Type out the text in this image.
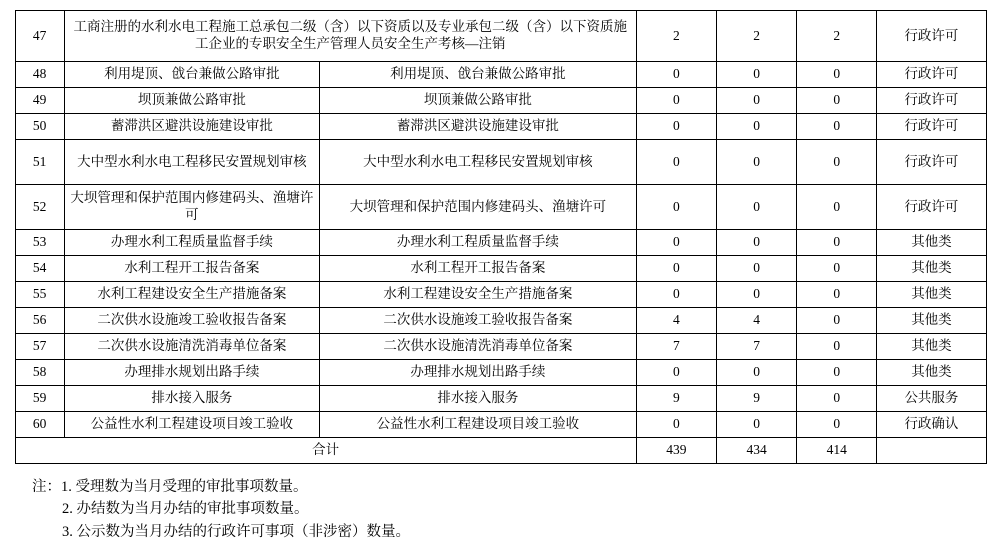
47	工商注册的水利水电工程施工总承包二级（含）以下资质以及专业承包二级（含）以下资质施工企业的专职安全生产管理人员安全生产考核—注销		2	2	2	行政许可
48	利用堤顶、戗台兼做公路审批	利用堤顶、戗台兼做公路审批	0	0	0	行政许可
49	坝顶兼做公路审批	坝顶兼做公路审批	0	0	0	行政许可
50	蓄滞洪区避洪设施建设审批	蓄滞洪区避洪设施建设审批	0	0	0	行政许可
51	大中型水利水电工程移民安置规划审核	大中型水利水电工程移民安置规划审核	0	0	0	行政许可
52	大坝管理和保护范围内修建码头、渔塘许可	大坝管理和保护范围内修建码头、渔塘许可	0	0	0	行政许可
53	办理水利工程质量监督手续	办理水利工程质量监督手续	0	0	0	其他类
54	水利工程开工报告备案	水利工程开工报告备案	0	0	0	其他类
55	水利工程建设安全生产措施备案	水利工程建设安全生产措施备案	0	0	0	其他类
56	二次供水设施竣工验收报告备案	二次供水设施竣工验收报告备案	4	4	0	其他类
57	二次供水设施清洗消毒单位备案	二次供水设施清洗消毒单位备案	7	7	0	其他类
58	办理排水规划出路手续	办理排水规划出路手续	0	0	0	其他类
59	排水接入服务	排水接入服务	9	9	0	公共服务
60	公益性水利工程建设项目竣工验收	公益性水利工程建设项目竣工验收	0	0	0	行政确认
合计			439	434	414	
注：1. 受理数为当月受理的审批事项数量。
2. 办结数为当月办结的审批事项数量。
3. 公示数为当月办结的行政许可事项（非涉密）数量。
